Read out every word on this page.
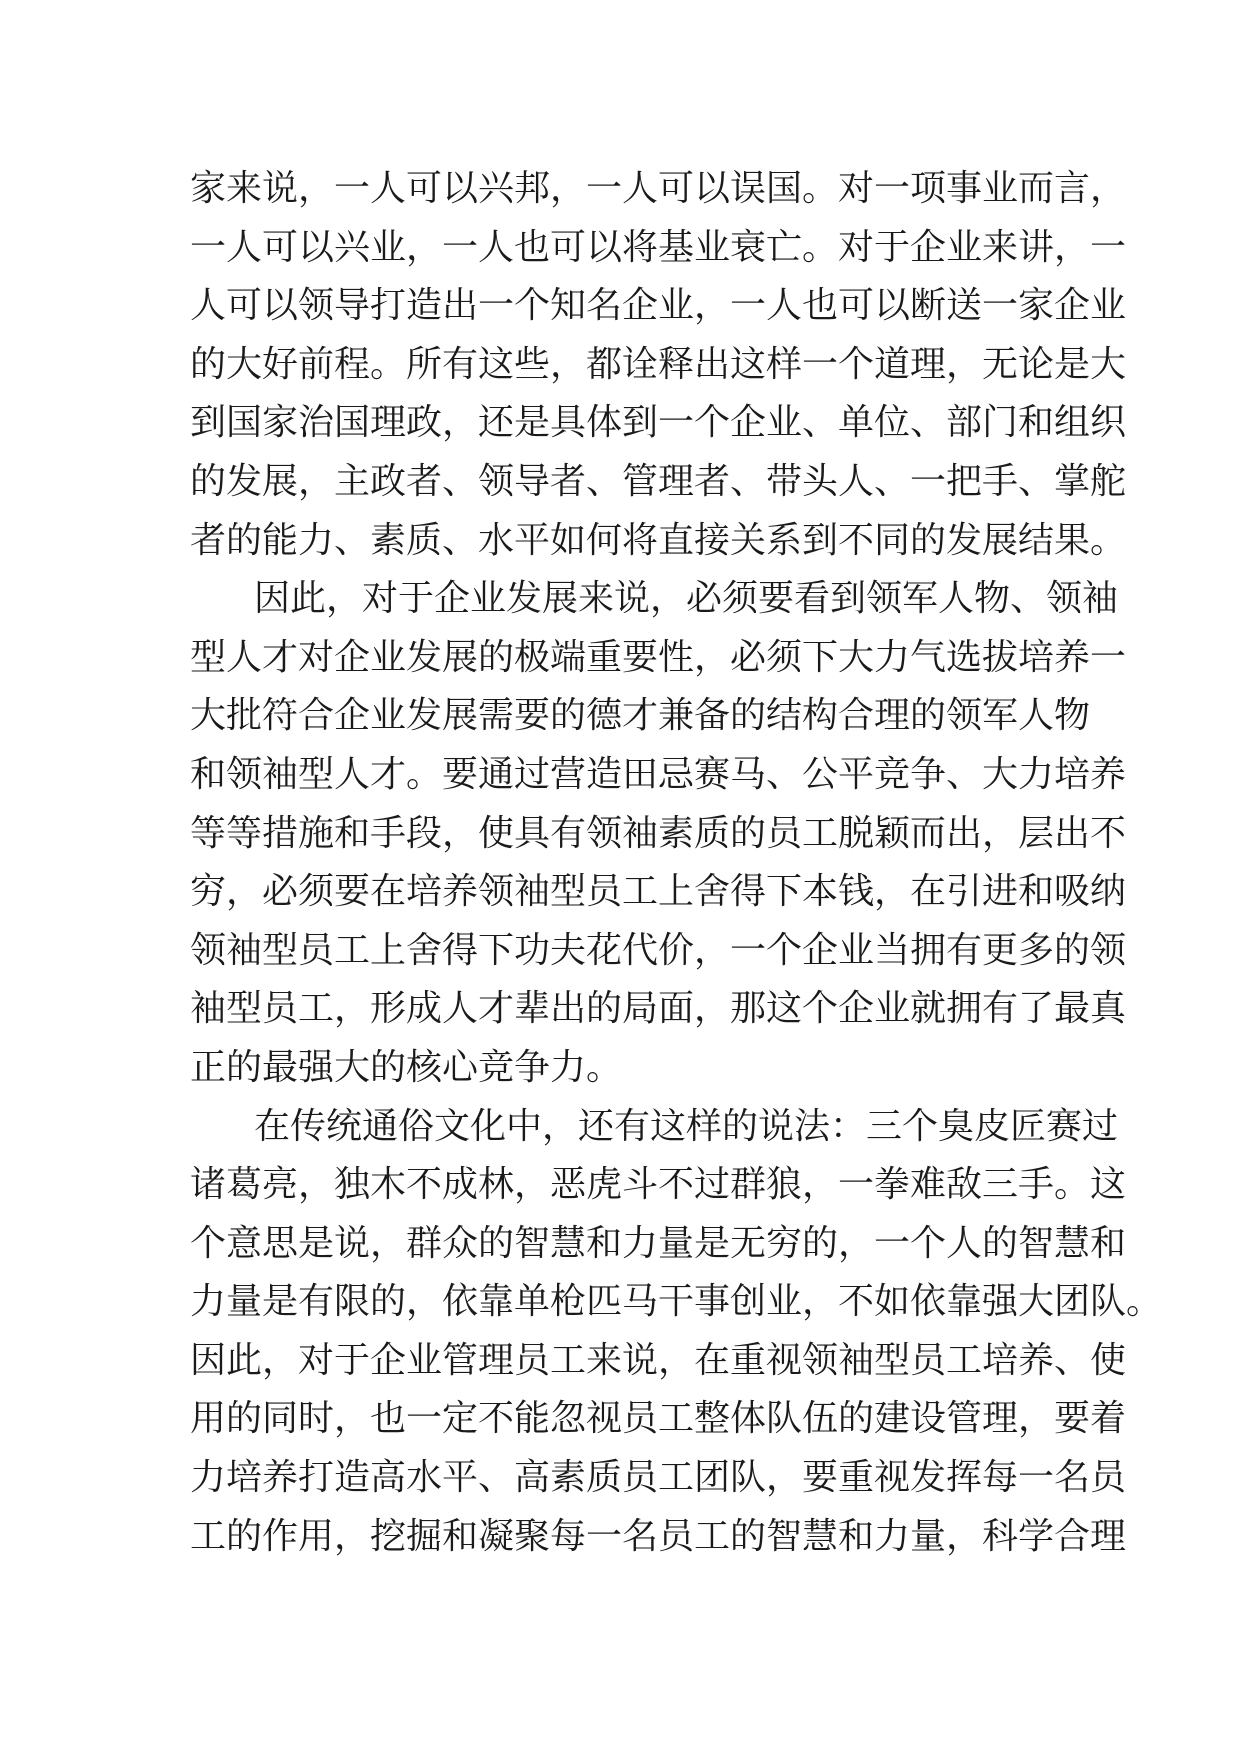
家来说，一人可以兴邦，一人可以误国。对一项事业而言，
一人可以兴业，一人也可以将基业衰亡。对于企业来讲，一
人可以领导打造出一个知名企业，一人也可以断送一家企业
的大好前程。所有这些，都诠释出这样一个道理，无论是大
到国家治国理政，还是具体到一个企业、单位、部门和组织
的发展，主政者、领导者、管理者、带头人、一把手、掌舵
者的能力、素质、水平如何将直接关系到不同的发展结果。
因此，对于企业发展来说，必须要看到领军人物、领袖
型人才对企业发展的极端重要性，必须下大力气选拔培养一
大批符合企业发展需要的德才兼备的结构合理的领军人物
和领袖型人才。要通过营造田忌赛马、公平竞争、大力培养
等等措施和手段，使具有领袖素质的员工脱颖而出，层出不
穷，必须要在培养领袖型员工上舍得下本钱，在引进和吸纳
领袖型员工上舍得下功夫花代价，一个企业当拥有更多的领
袖型员工，形成人才辈出的局面，那这个企业就拥有了最真
正的最强大的核心竞争力。
在传统通俗文化中，还有这样的说法：三个臭皮匠赛过
诸葛亮，独木不成林，恶虎斗不过群狼，一拳难敌三手。这
个意思是说，群众的智慧和力量是无穷的，一个人的智慧和
力量是有限的，依靠单枪匹马干事创业，不如依靠强大团队。
因此，对于企业管理员工来说，在重视领袖型员工培养、使
用的同时，也一定不能忽视员工整体队伍的建设管理，要着
力培养打造高水平、高素质员工团队，要重视发挥每一名员
工的作用，挖掘和凝聚每一名员工的智慧和力量，科学合理
